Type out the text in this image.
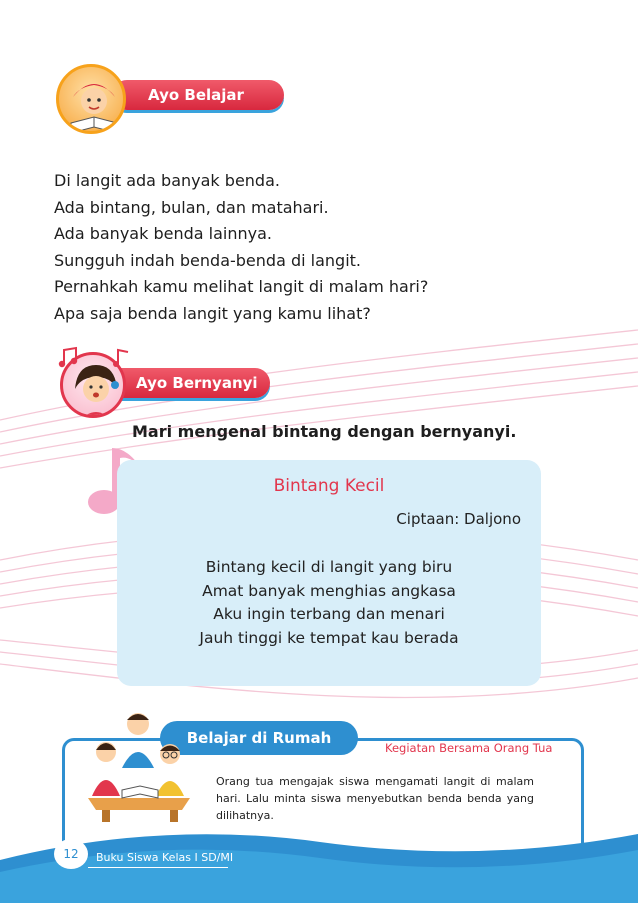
Ayo Belajar

Di langit ada banyak benda.

Ada bintang, bulan, dan matahari.

Ada banyak benda lainnya.

Sungguh indah benda-benda di langit.

Pernahkah kamu melihat langit di malam hari?

Apa saja benda langit yang kamu lihat?

Ayo Bernyanyi
Mari mengenal bintang dengan bernyanyi.
Bintang Kecil
Ciptaan: Daljono

Bintang kecil di langit yang biru

Amat banyak menghias angkasa

Aku ingin terbang dan menari

Jauh tinggi ke tempat kau berada

Belajar di Rumah
Kegiatan Bersama Orang Tua
Orang tua mengajak siswa mengamati langit di malam hari. Lalu minta siswa menyebutkan benda benda yang dilihatnya.
12	Buku Siswa Kelas I SD/MI
